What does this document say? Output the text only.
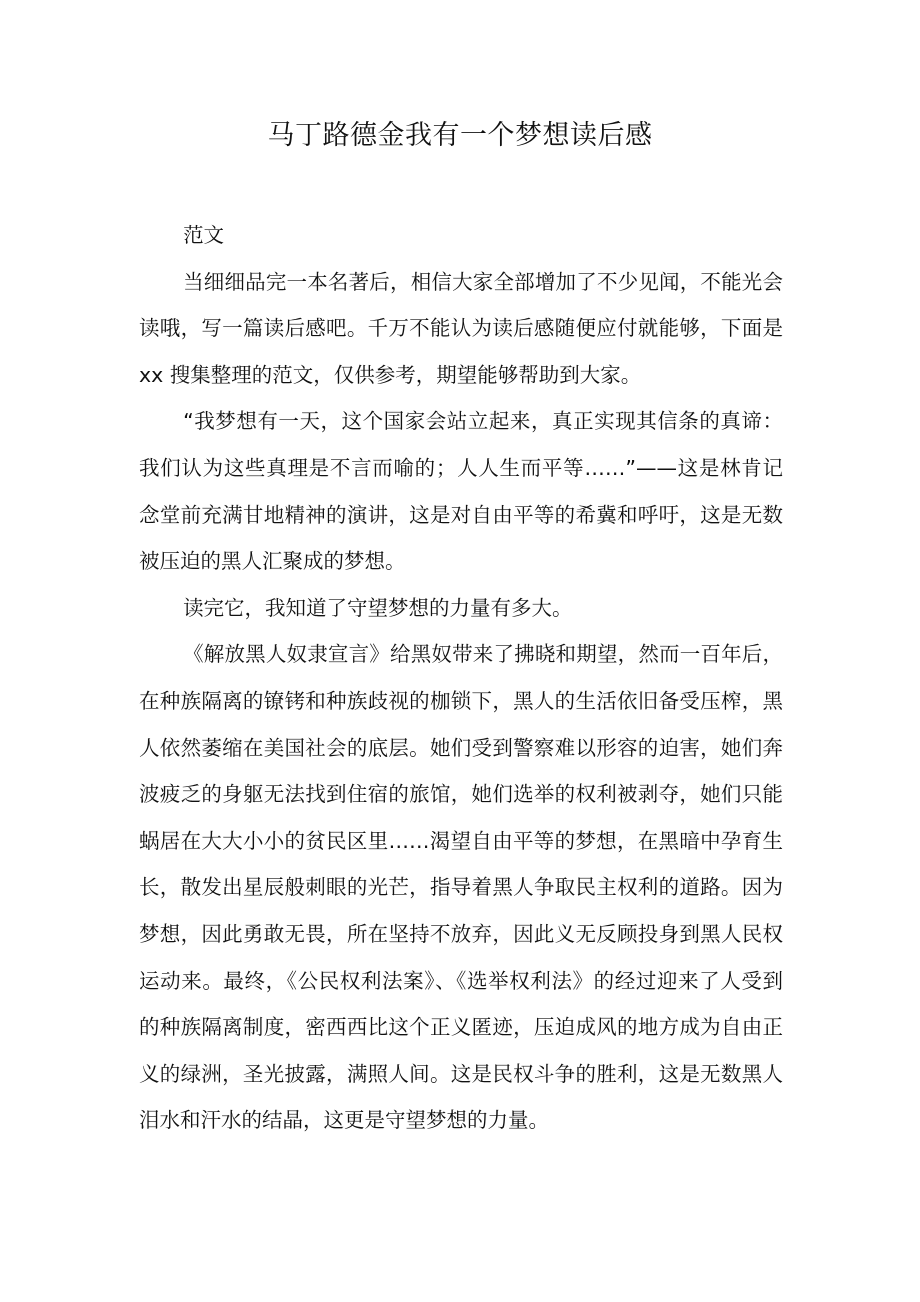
马丁路德金我有一个梦想读后感

范文

当细细品完一本名著后，相信大家全部增加了不少见闻，不能光会读哦，写一篇读后感吧。千万不能认为读后感随便应付就能够，下面是 xx 搜集整理的范文，仅供参考，期望能够帮助到大家。

“我梦想有一天，这个国家会站立起来，真正实现其信条的真谛：我们认为这些真理是不言而喻的；人人生而平等……”——这是林肯记念堂前充满甘地精神的演讲，这是对自由平等的希冀和呼吁，这是无数被压迫的黑人汇聚成的梦想。

读完它，我知道了守望梦想的力量有多大。

《解放黑人奴隶宣言》给黑奴带来了拂晓和期望，然而一百年后，在种族隔离的镣铐和种族歧视的枷锁下，黑人的生活依旧备受压榨，黑人依然萎缩在美国社会的底层。她们受到警察难以形容的迫害，她们奔波疲乏的身躯无法找到住宿的旅馆，她们选举的权利被剥夺，她们只能蜗居在大大小小的贫民区里……渴望自由平等的梦想，在黑暗中孕育生长，散发出星辰般刺眼的光芒，指导着黑人争取民主权利的道路。因为梦想，因此勇敢无畏，所在坚持不放弃，因此义无反顾投身到黑人民权运动来。最终，《公民权利法案》、《选举权利法》的经过迎来了人受到的种族隔离制度，密西西比这个正义匿迹，压迫成风的地方成为自由正义的绿洲，圣光披露，满照人间。这是民权斗争的胜利，这是无数黑人泪水和汗水的结晶，这更是守望梦想的力量。
